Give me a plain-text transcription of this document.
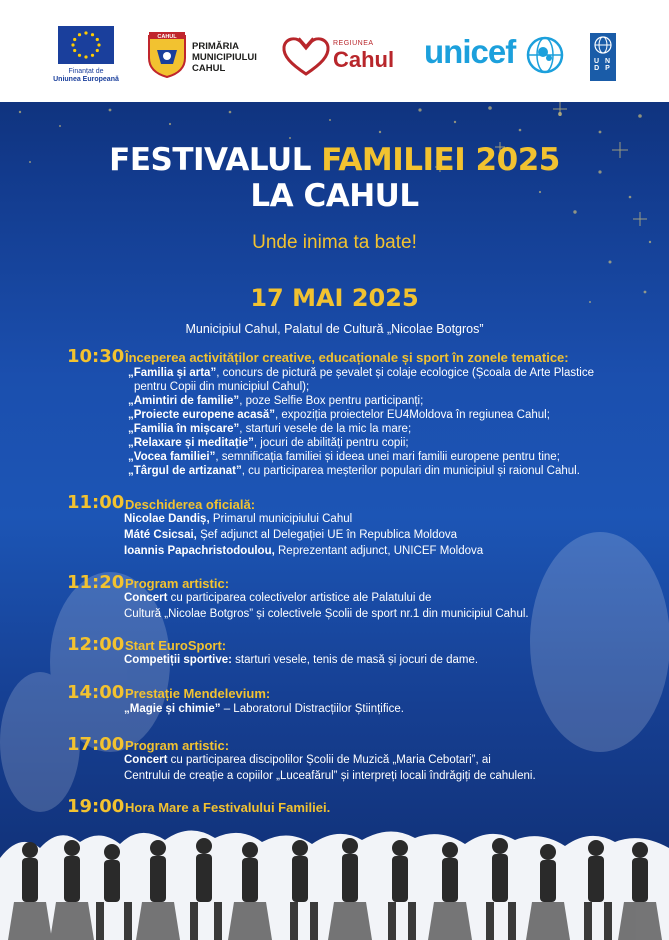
Finanțat de
Uniunea Europeană
CAHUL
PRIMĂRIA
MUNICIPIULUI
CAHUL
REGIUNEA
Cahul unicef	U N
D P
FESTIVALUL FAMILIEI 2025
LA CAHUL
Unde inima ta bate!
17 MAI 2025
Municipiul Cahul, Palatul de Cultură „Nicolae Botgros”
10:30 Începerea activităților creative, educaționale și sport în zonele tematice:
„Familia și arta”, concurs de pictură pe șevalet și colaje ecologice (Școala de Arte Plastice
pentru Copii din municipiul Cahul);
„Amintiri de familie”, poze Selfie Box pentru participanți;
„Proiecte europene acasă”, expoziția proiectelor EU4Moldova în regiunea Cahul;
„Familia în mișcare”, starturi vesele de la mic la mare;
„Relaxare și meditație”, jocuri de abilități pentru copii;
„Vocea familiei”, semnificația familiei și ideea unei mari familii europene pentru tine;
„Târgul de artizanat”, cu participarea meșterilor populari din municipiul și raionul Cahul.
11:00 Deschiderea oficială:
Nicolae Dandiș, Primarul municipiului Cahul
Máté Csicsai, Șef adjunct al Delegației UE în Republica Moldova
Ioannis Papachristodoulou, Reprezentant adjunct, UNICEF Moldova
11:20 Program artistic:
Concert cu participarea colectivelor artistice ale Palatului de
Cultură „Nicolae Botgros” și colectivele Școlii de sport nr.1 din municipiul Cahul.
12:00 Start EuroSport:
Competiții sportive: starturi vesele, tenis de masă și jocuri de dame.
14:00 Prestație Mendelevium:
„Magie și chimie” – Laboratorul Distracțiilor Științifice.
17:00 Program artistic:
Concert cu participarea discipolilor Școlii de Muzică „Maria Cebotari”, ai
Centrului de creație a copiilor „Luceafărul” și interpreți locali îndrăgiți de cahuleni.
19:00 Hora Mare a Festivalului Familiei.
